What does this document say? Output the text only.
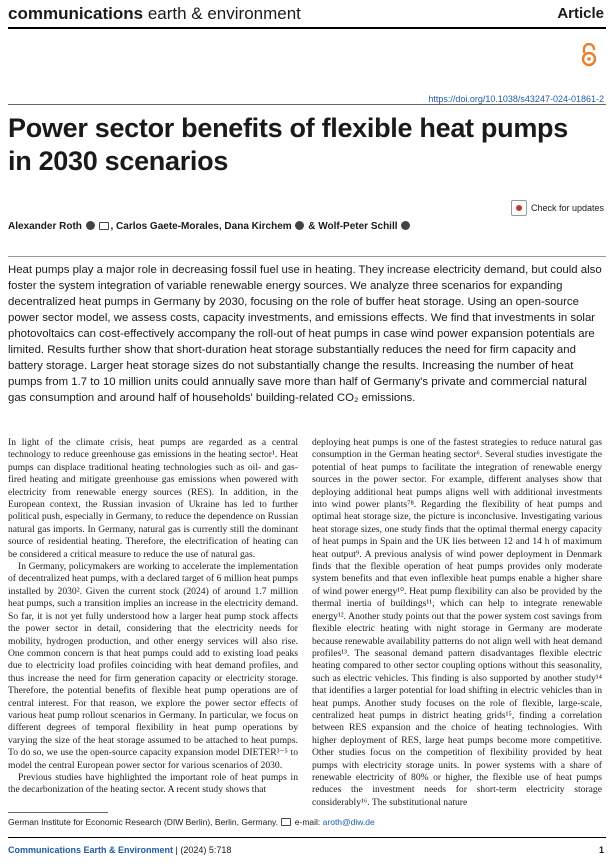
communications earth & environment	Article
https://doi.org/10.1038/s43247-024-01861-2
Power sector benefits of flexible heat pumps in 2030 scenarios
Check for updates
Alexander Roth	, Carlos Gaete-Morales, Dana Kirchem  & Wolf-Peter Schill

Heat pumps play a major role in decreasing fossil fuel use in heating. They increase electricity demand, but could also foster the system integration of variable renewable energy sources. We analyze three scenarios for expanding decentralized heat pumps in Germany by 2030, focusing on the role of buffer heat storage. Using an open-source power sector model, we assess costs, capacity investments, and emissions effects. We find that investments in solar photovoltaics can cost-effectively accompany the roll-out of heat pumps in case wind power expansion potentials are limited. Results further show that short-duration heat storage substantially reduces the need for firm capacity and battery storage. Larger heat storage sizes do not substantially change the results. Increasing the number of heat pumps from 1.7 to 10 million units could annually save more than half of Germany's private and commercial natural gas consumption and around half of households' building-related CO₂ emissions.

In light of the climate crisis, heat pumps are regarded as a central technology to reduce greenhouse gas emissions in the heating sector¹. Heat pumps can displace traditional heating technologies such as oil- and gas-fired heating and mitigate greenhouse gas emissions when powered with electricity from renewable energy sources (RES). In addition, in the European context, the Russian invasion of Ukraine has led to further political push, especially in Germany, to reduce the dependence on Russian natural gas imports. In Germany, natural gas is currently still the dominant source of residential heating. Therefore, the electrification of heating can be considered a critical measure to reduce the use of natural gas.

In Germany, policymakers are working to accelerate the implementation of decentralized heat pumps, with a declared target of 6 million heat pumps installed by 2030². Given the current stock (2024) of around 1.7 million heat pumps, such a transition implies an increase in the electricity demand. So far, it is not yet fully understood how a larger heat pump stock affects the power sector in detail, considering that the electricity needs for mobility, hydrogen production, and other energy services will also rise. One common concern is that heat pumps could add to existing load peaks due to electricity load profiles coinciding with heat demand profiles, and thus increase the need for firm generation capacity or electricity storage. Therefore, the potential benefits of flexible heat pump operations are of central interest. For that reason, we explore the power sector effects of various heat pump rollout scenarios in Germany. In particular, we focus on different degrees of temporal flexibility in heat pump operations by varying the size of the heat storage assumed to be attached to heat pumps. To do so, we use the open-source capacity expansion model DIETER³⁻⁵ to model the central European power sector for various scenarios of 2030.

Previous studies have highlighted the important role of heat pumps in the decarbonization of the heating sector. A recent study shows that

deploying heat pumps is one of the fastest strategies to reduce natural gas consumption in the German heating sector⁶. Several studies investigate the potential of heat pumps to facilitate the integration of renewable energy sources in the power sector. For example, different analyses show that deploying additional heat pumps aligns well with additional investments into wind power plants⁷⁸. Regarding the flexibility of heat pumps and optimal heat storage size, the picture is inconclusive. Investigating various heat storage sizes, one study finds that the optimal thermal energy capacity of heat pumps in Spain and the UK lies between 12 and 14 h of maximum heat output⁹. A previous analysis of wind power deployment in Denmark finds that the flexible operation of heat pumps provides only moderate system benefits and that even inflexible heat pumps enable a higher share of wind power energy¹⁰. Heat pump flexibility can also be provided by the thermal inertia of buildings¹¹, which can help to integrate renewable energy¹². Another study points out that the power system cost savings from flexible electric heating with night storage in Germany are moderate because renewable availability patterns do not align well with heat demand profiles¹³. The seasonal demand pattern disadvantages flexible electric heating compared to other sector coupling options without this seasonality, such as electric vehicles. This finding is also supported by another study¹⁴ that identifies a larger potential for load shifting in electric vehicles than in heat pumps. Another study focuses on the role of flexible, large-scale, centralized heat pumps in district heating grids¹⁵, finding a correlation between RES expansion and the choice of heating technologies. With higher deployment of RES, large heat pumps become more competitive. Other studies focus on the competition of flexibility provided by heat pumps with electricity storage units. In power systems with a share of renewable electricity of 80% or higher, the flexible use of heat pumps reduces the investment needs for short-term electricity storage considerably¹⁶. The substitutional nature

German Institute for Economic Research (DIW Berlin), Berlin, Germany.  e-mail: aroth@diw.de
Communications Earth & Environment | (2024) 5:718	1
